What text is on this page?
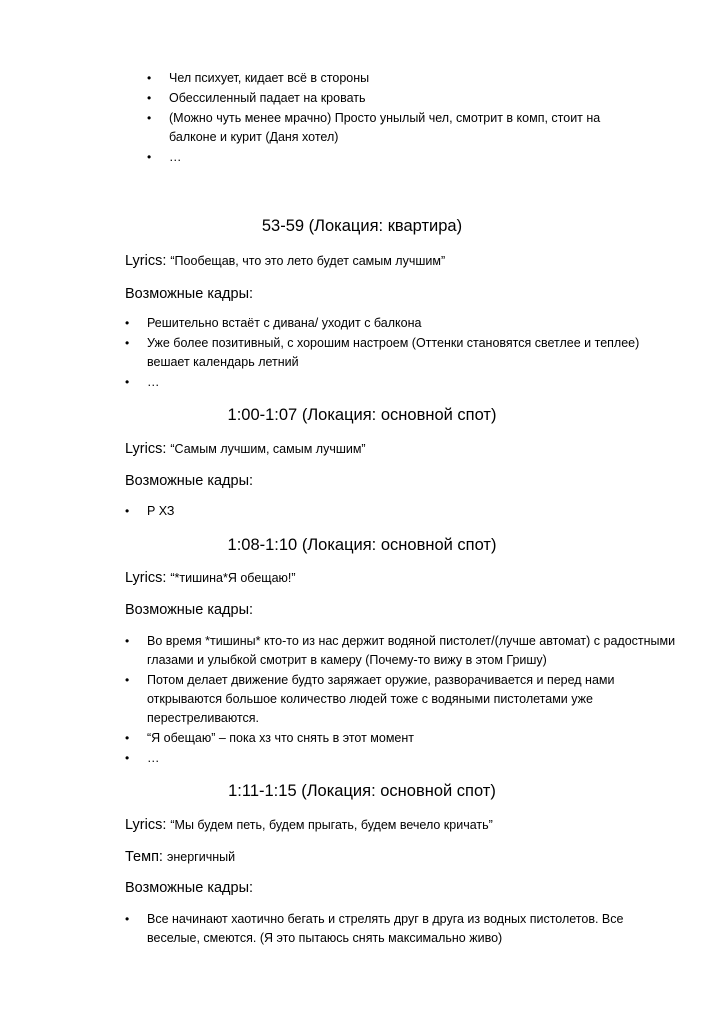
• Чел психует, кидает всё в стороны
• Обессиленный падает на кровать
• (Можно чуть менее мрачно) Просто унылый чел, смотрит в комп, стоит на балконе и курит (Даня хотел)
• …
53-59 (Локация: квартира)
Lyrics: “Пообещав, что это лето будет самым лучшим”
Возможные кадры:
• Решительно встаёт с дивана/ уходит с балкона
• Уже более позитивный, с хорошим настроем (Оттенки становятся светлее и теплее) вешает календарь летний
• …
1:00-1:07 (Локация: основной спот)
Lyrics: “Самым лучшим, самым лучшим”
Возможные кадры:
• Р ХЗ
1:08-1:10 (Локация: основной спот)
Lyrics: “*тишина*Я обещаю!”
Возможные кадры:
• Во время *тишины* кто-то из нас держит водяной пистолет/(лучше автомат) с радостными глазами и улыбкой смотрит в камеру (Почему-то вижу в этом Гришу)
• Потом делает движение будто заряжает оружие, разворачивается и перед нами открываются большое количество людей тоже с водяными пистолетами уже перестреливаются.
• “Я обещаю” – пока хз что снять в этот момент
• …
1:11-1:15 (Локация: основной спот)
Lyrics: “Мы будем петь, будем прыгать, будем вечело кричать”
Темп: энергичный
Возможные кадры:
• Все начинают хаотично бегать и стрелять друг в друга из водных пистолетов. Все веселые, смеются. (Я это пытаюсь снять максимально живо)
